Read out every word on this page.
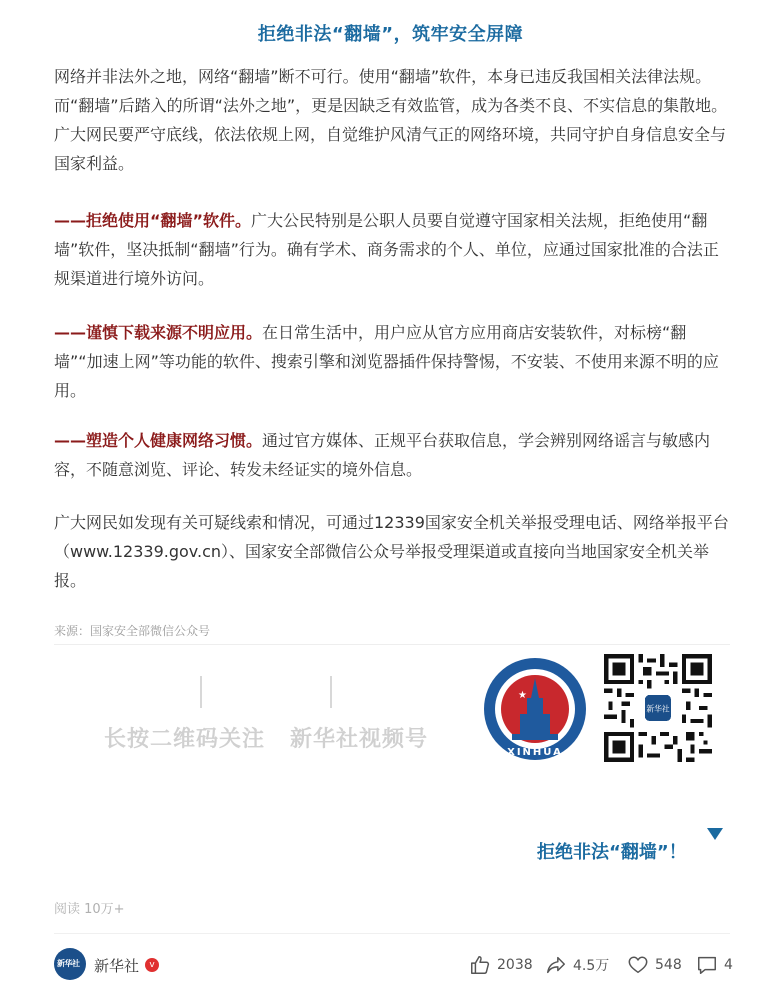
拒绝非法“翻墙”，筑牢安全屏障

网络并非法外之地，网络“翻墙”断不可行。使用“翻墙”软件，本身已违反我国相关法律法规。而“翻墙”后踏入的所谓“法外之地”，更是因缺乏有效监管，成为各类不良、不实信息的集散地。广大网民要严守底线，依法依规上网，自觉维护风清气正的网络环境，共同守护自身信息安全与国家利益。

——拒绝使用“翻墙”软件。广大公民特别是公职人员要自觉遵守国家相关法规，拒绝使用“翻墙”软件，坚决抵制“翻墙”行为。确有学术、商务需求的个人、单位，应通过国家批准的合法正规渠道进行境外访问。

——谨慎下载来源不明应用。在日常生活中，用户应从官方应用商店安装软件，对标榜“翻墙”“加速上网”等功能的软件、搜索引擎和浏览器插件保持警惕，不安装、不使用来源不明的应用。

——塑造个人健康网络习惯。通过官方媒体、正规平台获取信息，学会辨别网络谣言与敏感内容，不随意浏览、评论、转发未经证实的境外信息。

广大网民如发现有关可疑线索和情况，可通过12339国家安全机关举报受理电话、网络举报平台（www.12339.gov.cn）、国家安全部微信公众号举报受理渠道或直接向当地国家安全机关举报。

来源：国家安全部微信公众号
长按二维码关注 新华社视频号
★
XINHUA
新华社
拒绝非法“翻墙”！
阅读 10万+
新华社 新华社	v	2038	4.5万	548	4
